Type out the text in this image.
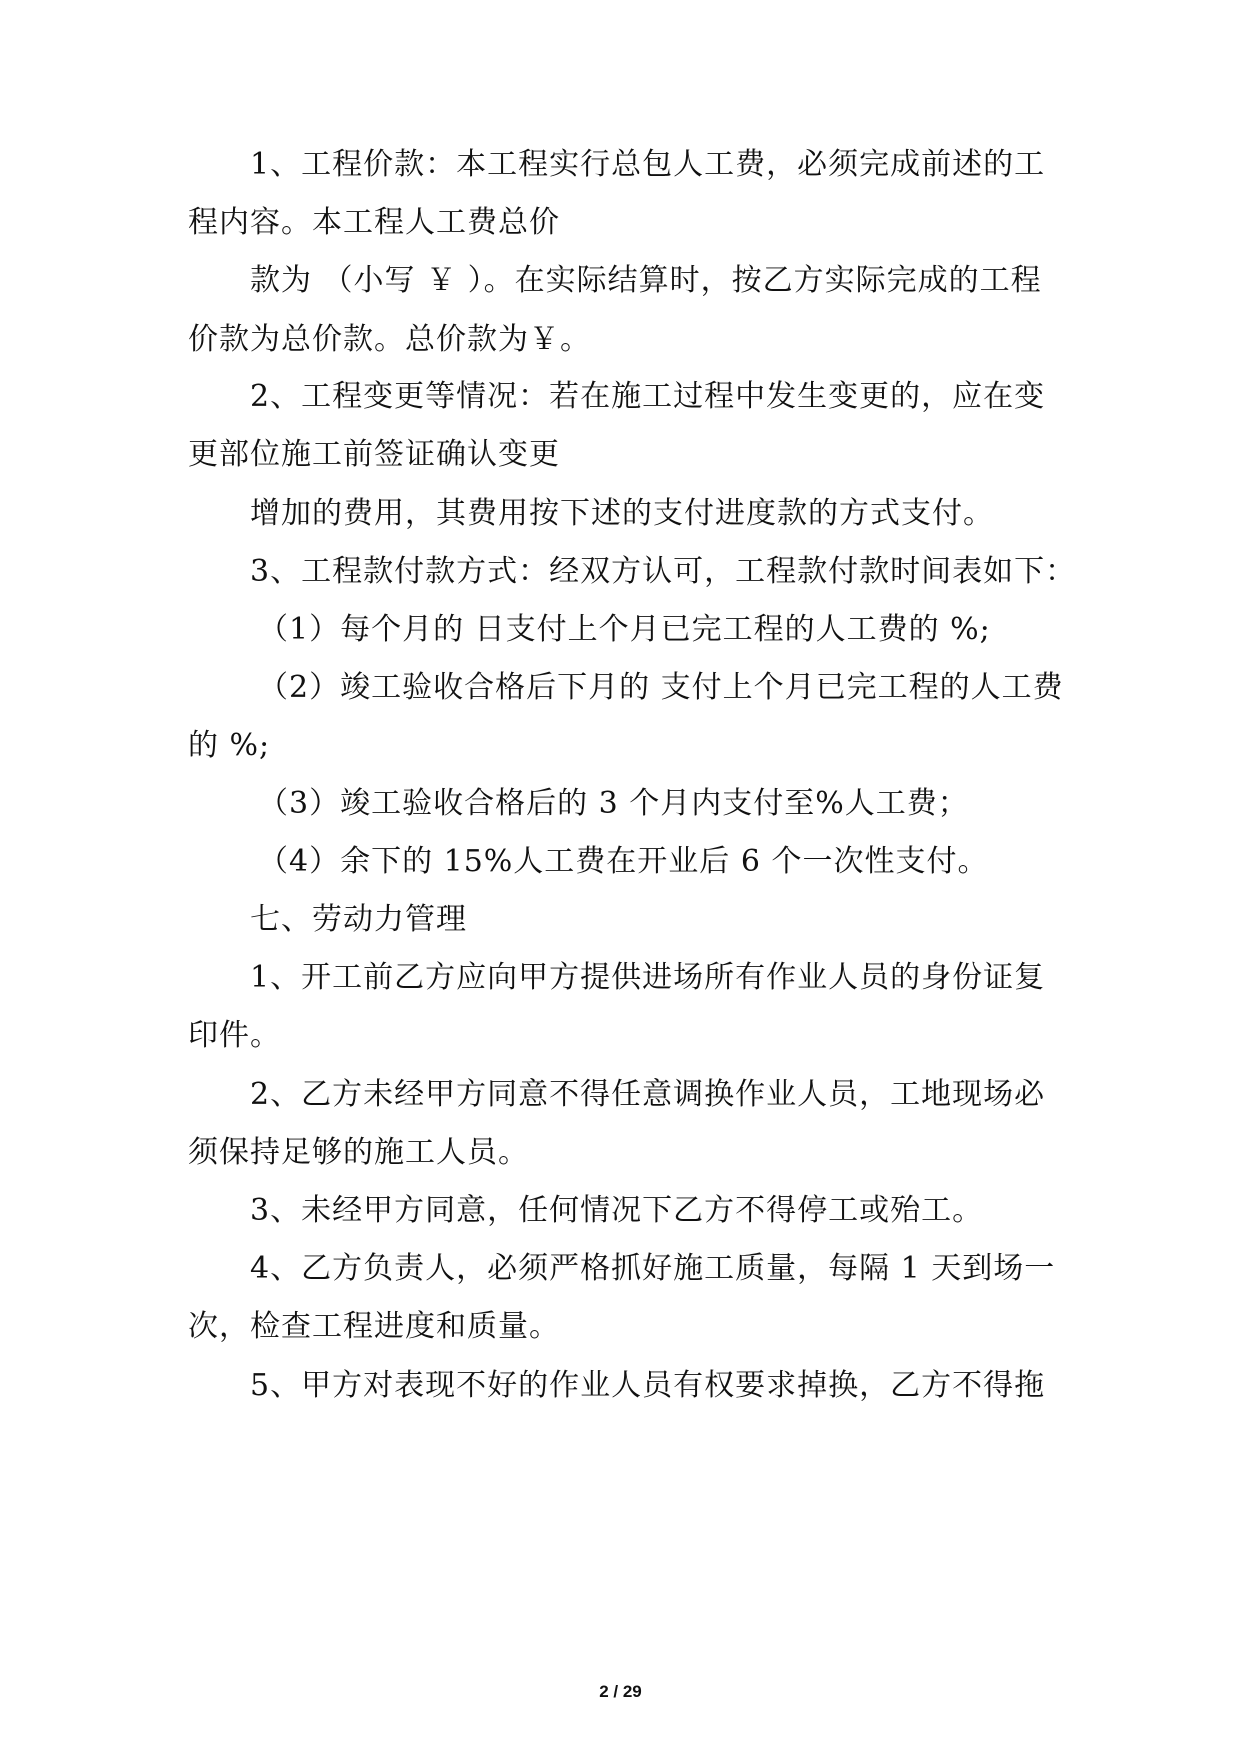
1、工程价款：本工程实行总包人工费，必须完成前述的工
程内容。本工程人工费总价
款为 （小写 ￥ ）。在实际结算时，按乙方实际完成的工程
价款为总价款。总价款为￥。
2、工程变更等情况：若在施工过程中发生变更的，应在变
更部位施工前签证确认变更
增加的费用，其费用按下述的支付进度款的方式支付。
3、工程款付款方式：经双方认可，工程款付款时间表如下：
（1）每个月的 日支付上个月已完工程的人工费的 %;
（2）竣工验收合格后下月的 支付上个月已完工程的人工费
的 %;
（3）竣工验收合格后的 3 个月内支付至%人工费；
（4）余下的 15%人工费在开业后 6 个一次性支付。
七、劳动力管理
1、开工前乙方应向甲方提供进场所有作业人员的身份证复
印件。
2、乙方未经甲方同意不得任意调换作业人员，工地现场必
须保持足够的施工人员。
3、未经甲方同意，任何情况下乙方不得停工或殆工。
4、乙方负责人，必须严格抓好施工质量，每隔 1 天到场一
次，检查工程进度和质量。
5、甲方对表现不好的作业人员有权要求掉换，乙方不得拖
2 / 29
